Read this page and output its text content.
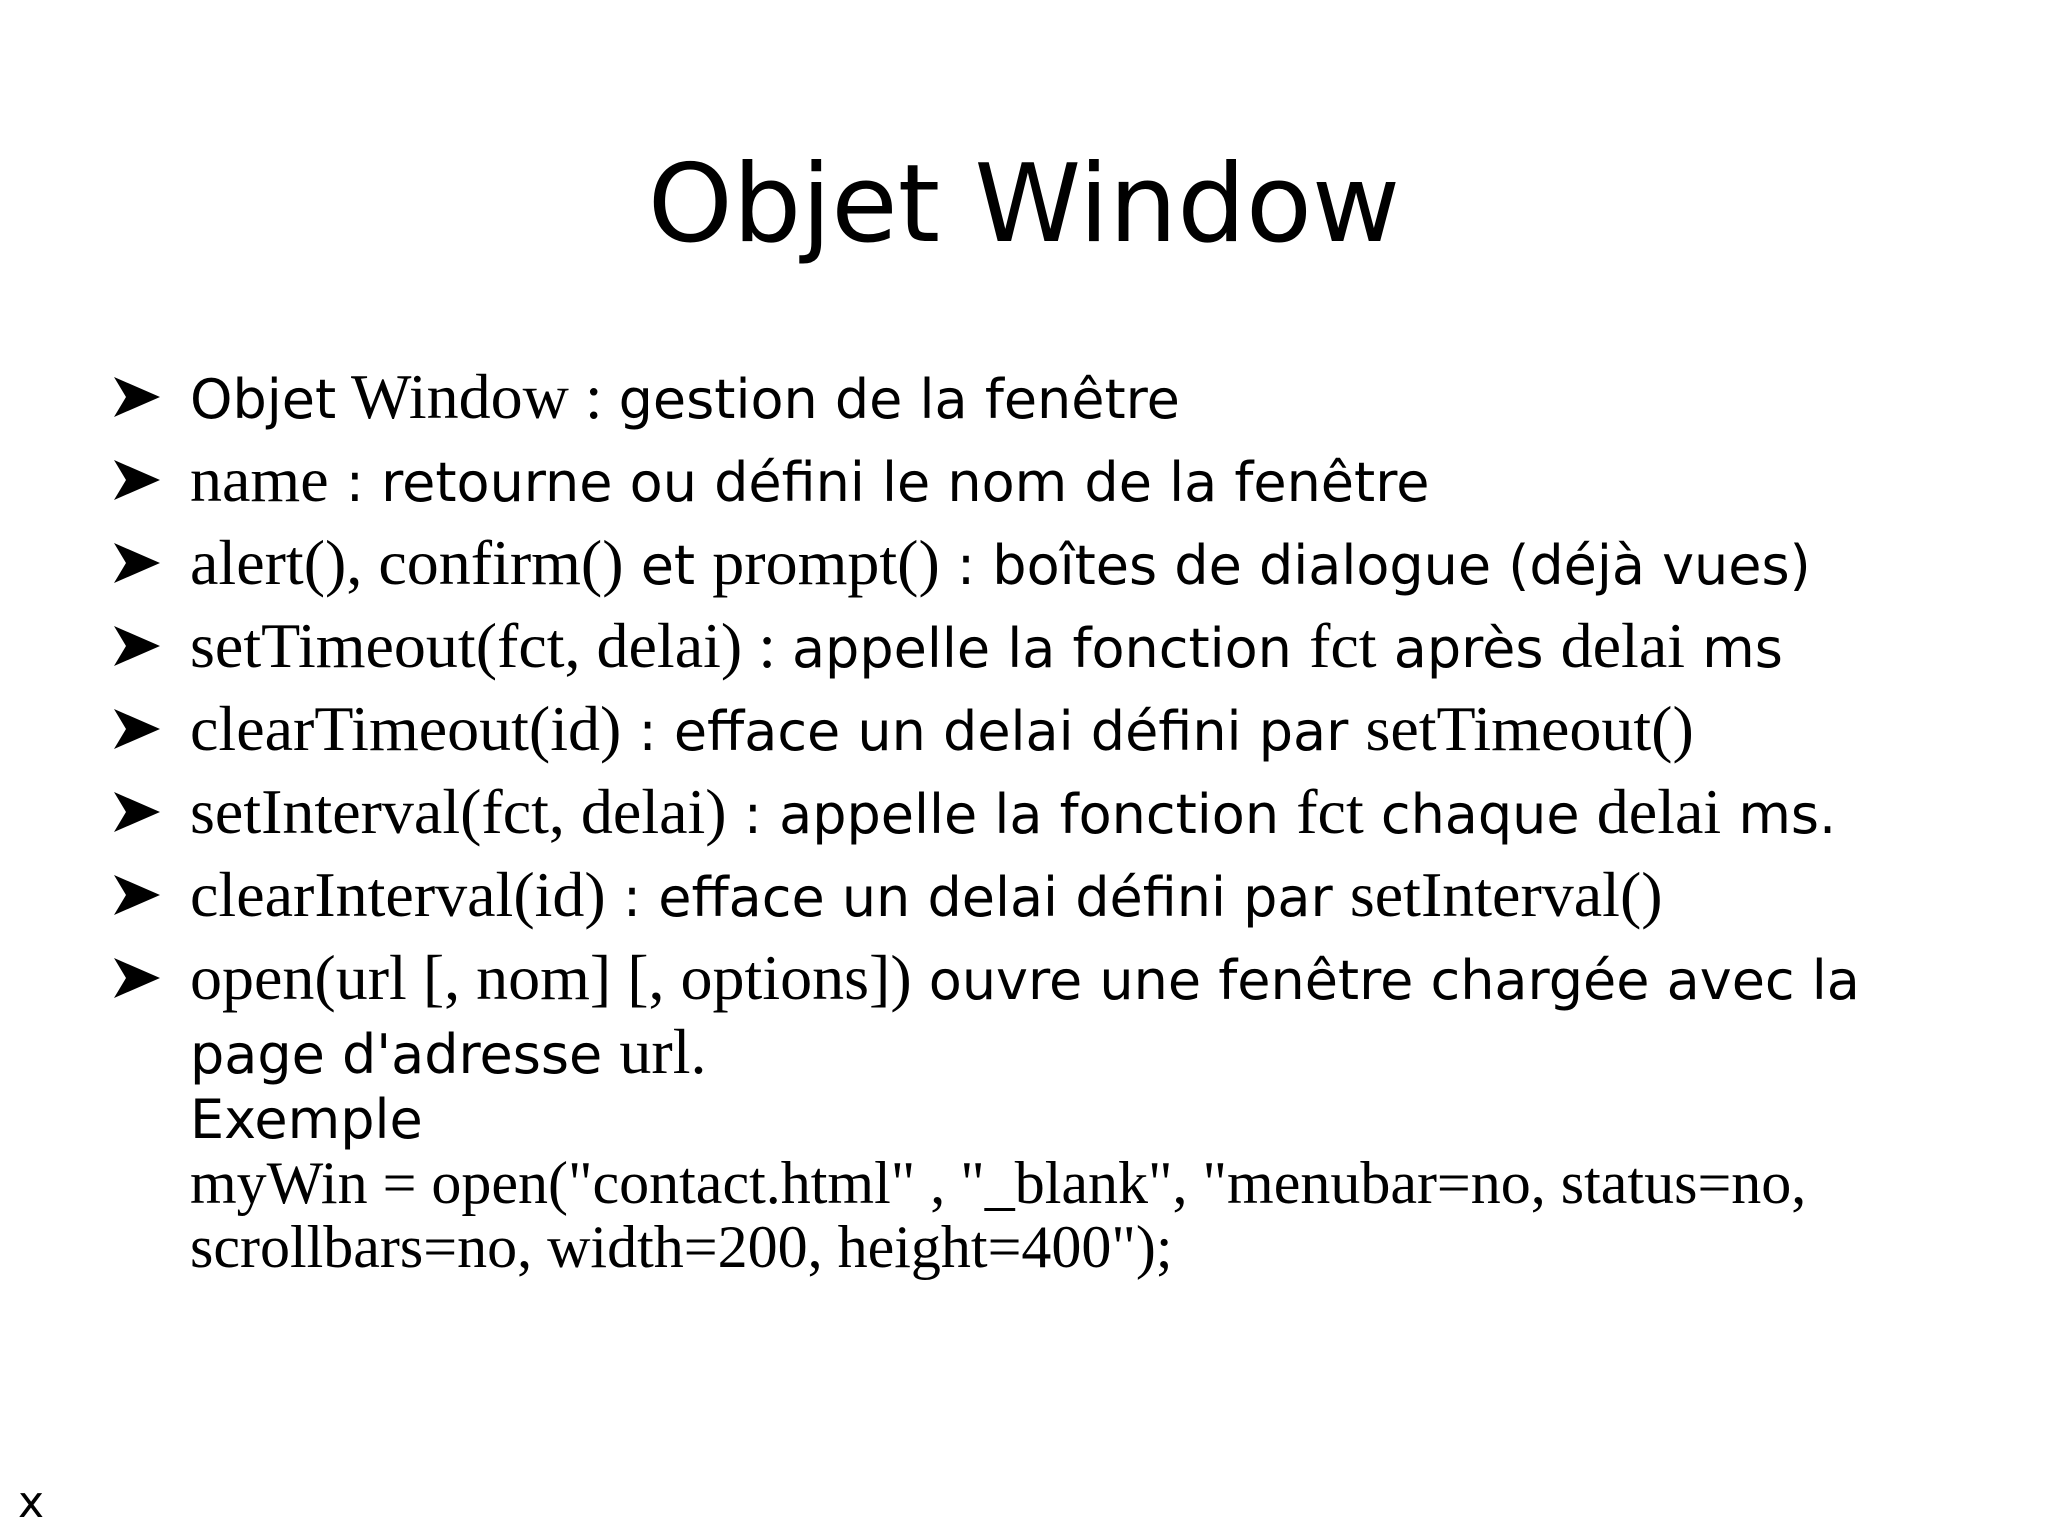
Objet Window
Objet Window : gestion de la fenêtre
name : retourne ou défini le nom de la fenêtre
alert(), confirm() et prompt() : boîtes de dialogue (déjà vues)
setTimeout(fct, delai) : appelle la fonction fct après delai ms
clearTimeout(id) : efface un delai défini par setTimeout()
setInterval(fct, delai) : appelle la fonction fct chaque delai ms.
clearInterval(id) : efface un delai défini par setInterval()
open(url [, nom] [, options]) ouvre une fenêtre chargée avec la
page d'adresse url.
Exemple
myWin = open("contact.html" , "_blank", "menubar=no, status=no,
scrollbars=no, width=200, height=400");
x
